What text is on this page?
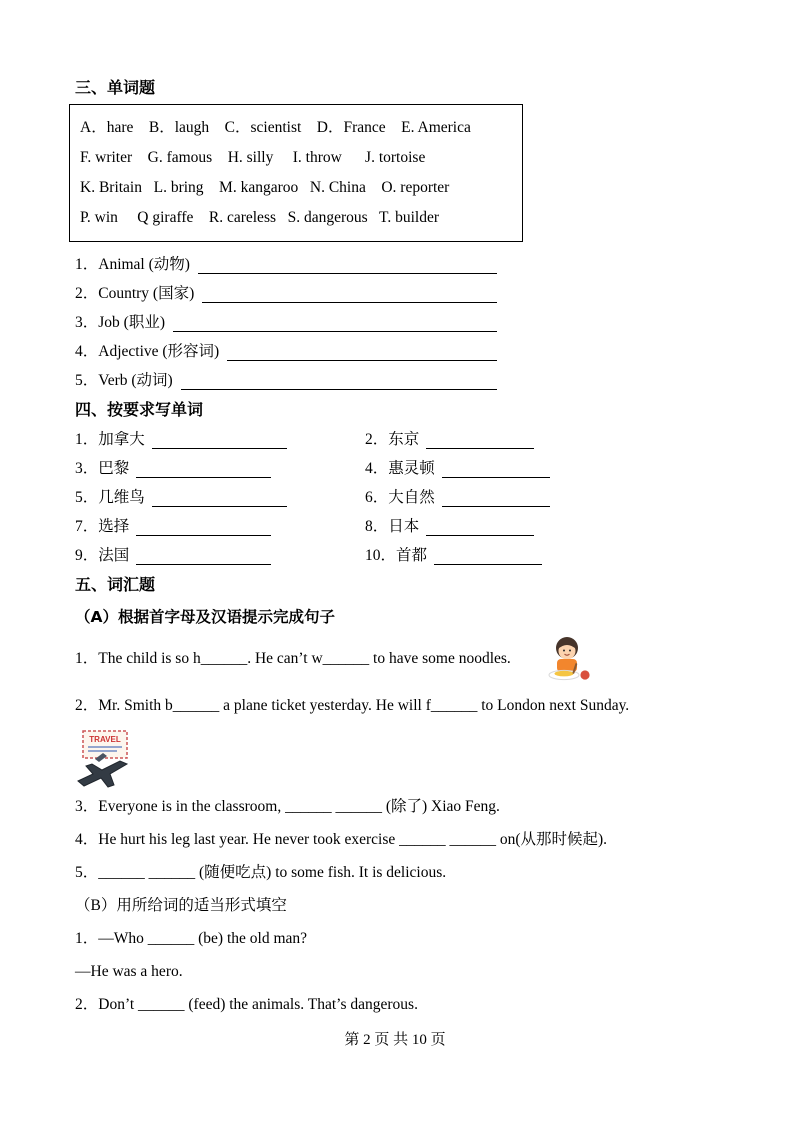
三、单词题
A．hare    B．laugh    C．scientist    D．France    E. America
F. writer    G. famous    H. silly     I. throw      J. tortoise
K. Britain   L. bring    M. kangaroo   N. China    O. reporter
P. win     Q giraffe    R. careless   S. dangerous   T. builder
1．Animal (动物)
2．Country (国家)
3．Job (职业)
4．Adjective (形容词)
5．Verb (动词)
四、按要求写单词
1．加拿大	2．东京
3．巴黎	4．惠灵顿
5．几维鸟	6．大自然
7．选择	8．日本
9．法国	10．首都
五、词汇题
（A）根据首字母及汉语提示完成句子
1．The child is so h______. He can’t w______ to have some noodles.
2．Mr. Smith b______ a plane ticket yesterday. He will f______ to London next Sunday.
TRAVEL
3．Everyone is in the classroom, ______ ______ (除了) Xiao Feng.
4．He hurt his leg last year. He never took exercise ______ ______ on(从那时候起).
5．______ ______ (随便吃点) to some fish. It is delicious.
（B）用所给词的适当形式填空
1．—Who ______ (be) the old man?
—He was a hero.
2．Don’t ______ (feed) the animals. That’s dangerous.
第 2 页 共 10 页
